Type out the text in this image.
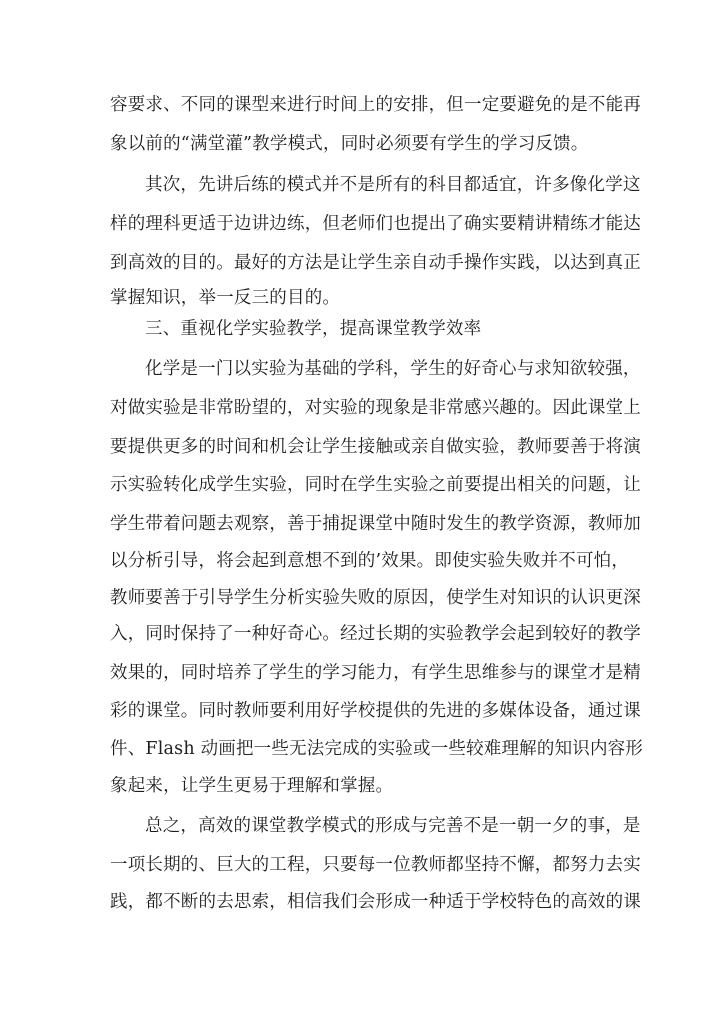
容要求、不同的课型来进行时间上的安排，但一定要避免的是不能再
象以前的“满堂灌”教学模式，同时必须要有学生的学习反馈。
其次，先讲后练的模式并不是所有的科目都适宜，许多像化学这
样的理科更适于边讲边练，但老师们也提出了确实要精讲精练才能达
到高效的目的。最好的方法是让学生亲自动手操作实践，以达到真正
掌握知识，举一反三的目的。
三、重视化学实验教学，提高课堂教学效率
化学是一门以实验为基础的学科，学生的好奇心与求知欲较强，
对做实验是非常盼望的，对实验的现象是非常感兴趣的。因此课堂上
要提供更多的时间和机会让学生接触或亲自做实验，教师要善于将演
示实验转化成学生实验，同时在学生实验之前要提出相关的问题，让
学生带着问题去观察，善于捕捉课堂中随时发生的教学资源，教师加
以分析引导，将会起到意想不到的’效果。即使实验失败并不可怕，
教师要善于引导学生分析实验失败的原因，使学生对知识的认识更深
入，同时保持了一种好奇心。经过长期的实验教学会起到较好的教学
效果的，同时培养了学生的学习能力，有学生思维参与的课堂才是精
彩的课堂。同时教师要利用好学校提供的先进的多媒体设备，通过课
件、Flash 动画把一些无法完成的实验或一些较难理解的知识内容形
象起来，让学生更易于理解和掌握。
总之，高效的课堂教学模式的形成与完善不是一朝一夕的事，是
一项长期的、巨大的工程，只要每一位教师都坚持不懈，都努力去实
践，都不断的去思索，相信我们会形成一种适于学校特色的高效的课
